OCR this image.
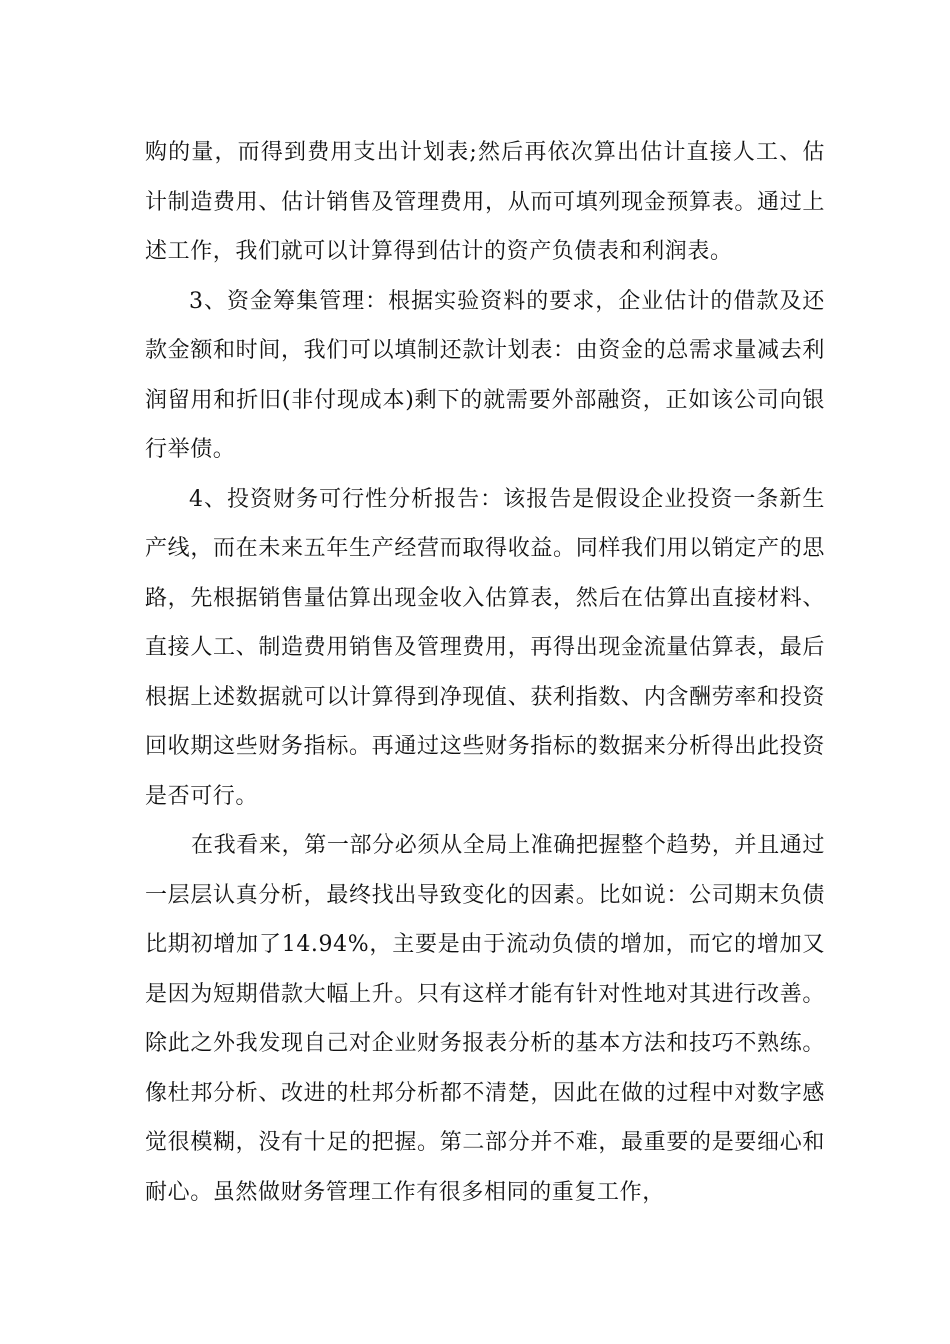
购的量，而得到费用支出计划表;然后再依次算出估计直接人工、估计制造费用、估计销售及管理费用，从而可填列现金预算表。通过上述工作，我们就可以计算得到估计的资产负债表和利润表。

3、资金筹集管理：根据实验资料的要求，企业估计的借款及还款金额和时间，我们可以填制还款计划表：由资金的总需求量减去利润留用和折旧(非付现成本)剩下的就需要外部融资，正如该公司向银行举债。

4、投资财务可行性分析报告：该报告是假设企业投资一条新生产线，而在未来五年生产经营而取得收益。同样我们用以销定产的思路，先根据销售量估算出现金收入估算表，然后在估算出直接材料、直接人工、制造费用销售及管理费用，再得出现金流量估算表，最后根据上述数据就可以计算得到净现值、获利指数、内含酬劳率和投资回收期这些财务指标。再通过这些财务指标的数据来分析得出此投资是否可行。

在我看来，第一部分必须从全局上准确把握整个趋势，并且通过一层层认真分析，最终找出导致变化的因素。比如说：公司期末负债比期初增加了14.94%，主要是由于流动负债的增加，而它的增加又是因为短期借款大幅上升。只有这样才能有针对性地对其进行改善。除此之外我发现自己对企业财务报表分析的基本方法和技巧不熟练。像杜邦分析、改进的杜邦分析都不清楚，因此在做的过程中对数字感觉很模糊，没有十足的把握。第二部分并不难，最重要的是要细心和耐心。虽然做财务管理工作有很多相同的重复工作，
